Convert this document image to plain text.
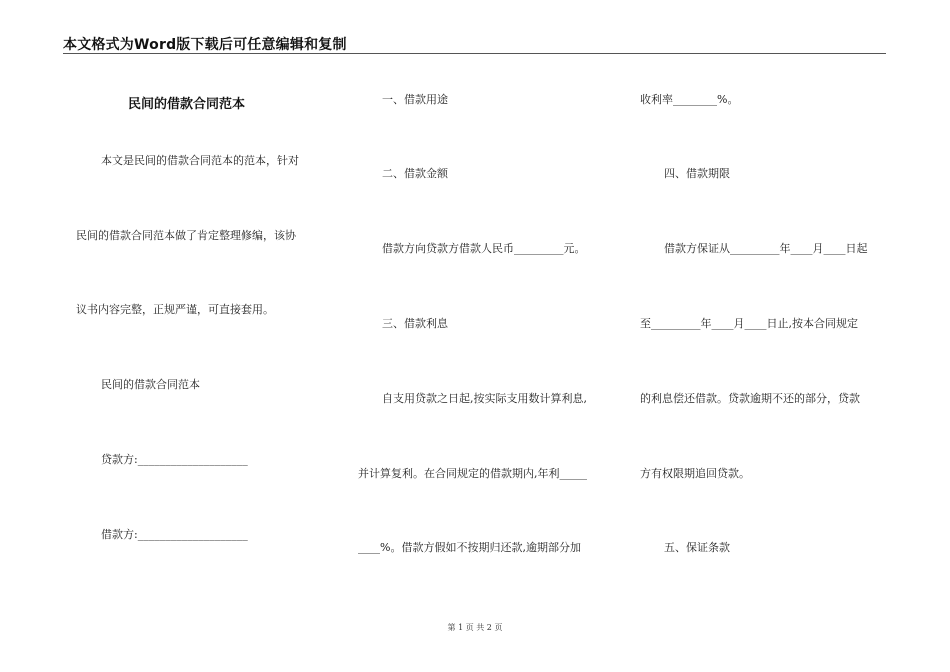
本文格式为Word版下载后可任意编辑和复制
民间的借款合同范本
本文是民间的借款合同范本的范本，针对
民间的借款合同范本做了肯定整理修编，该协
议书内容完整，正规严谨，可直接套用。
民间的借款合同范本
贷款方:____________________
借款方:____________________
一、借款用途
二、借款金额
借款方向贷款方借款人民币_________元。
三、借款利息
自支用贷款之日起,按实际支用数计算利息,
并计算复利。在合同规定的借款期内,年利_____
____%。借款方假如不按期归还款,逾期部分加
收利率________%。
四、借款期限
借款方保证从_________年____月____日起
至_________年____月____日止,按本合同规定
的利息偿还借款。贷款逾期不还的部分，贷款
方有权限期追回贷款。
五、保证条款
第 1 页 共 2 页
